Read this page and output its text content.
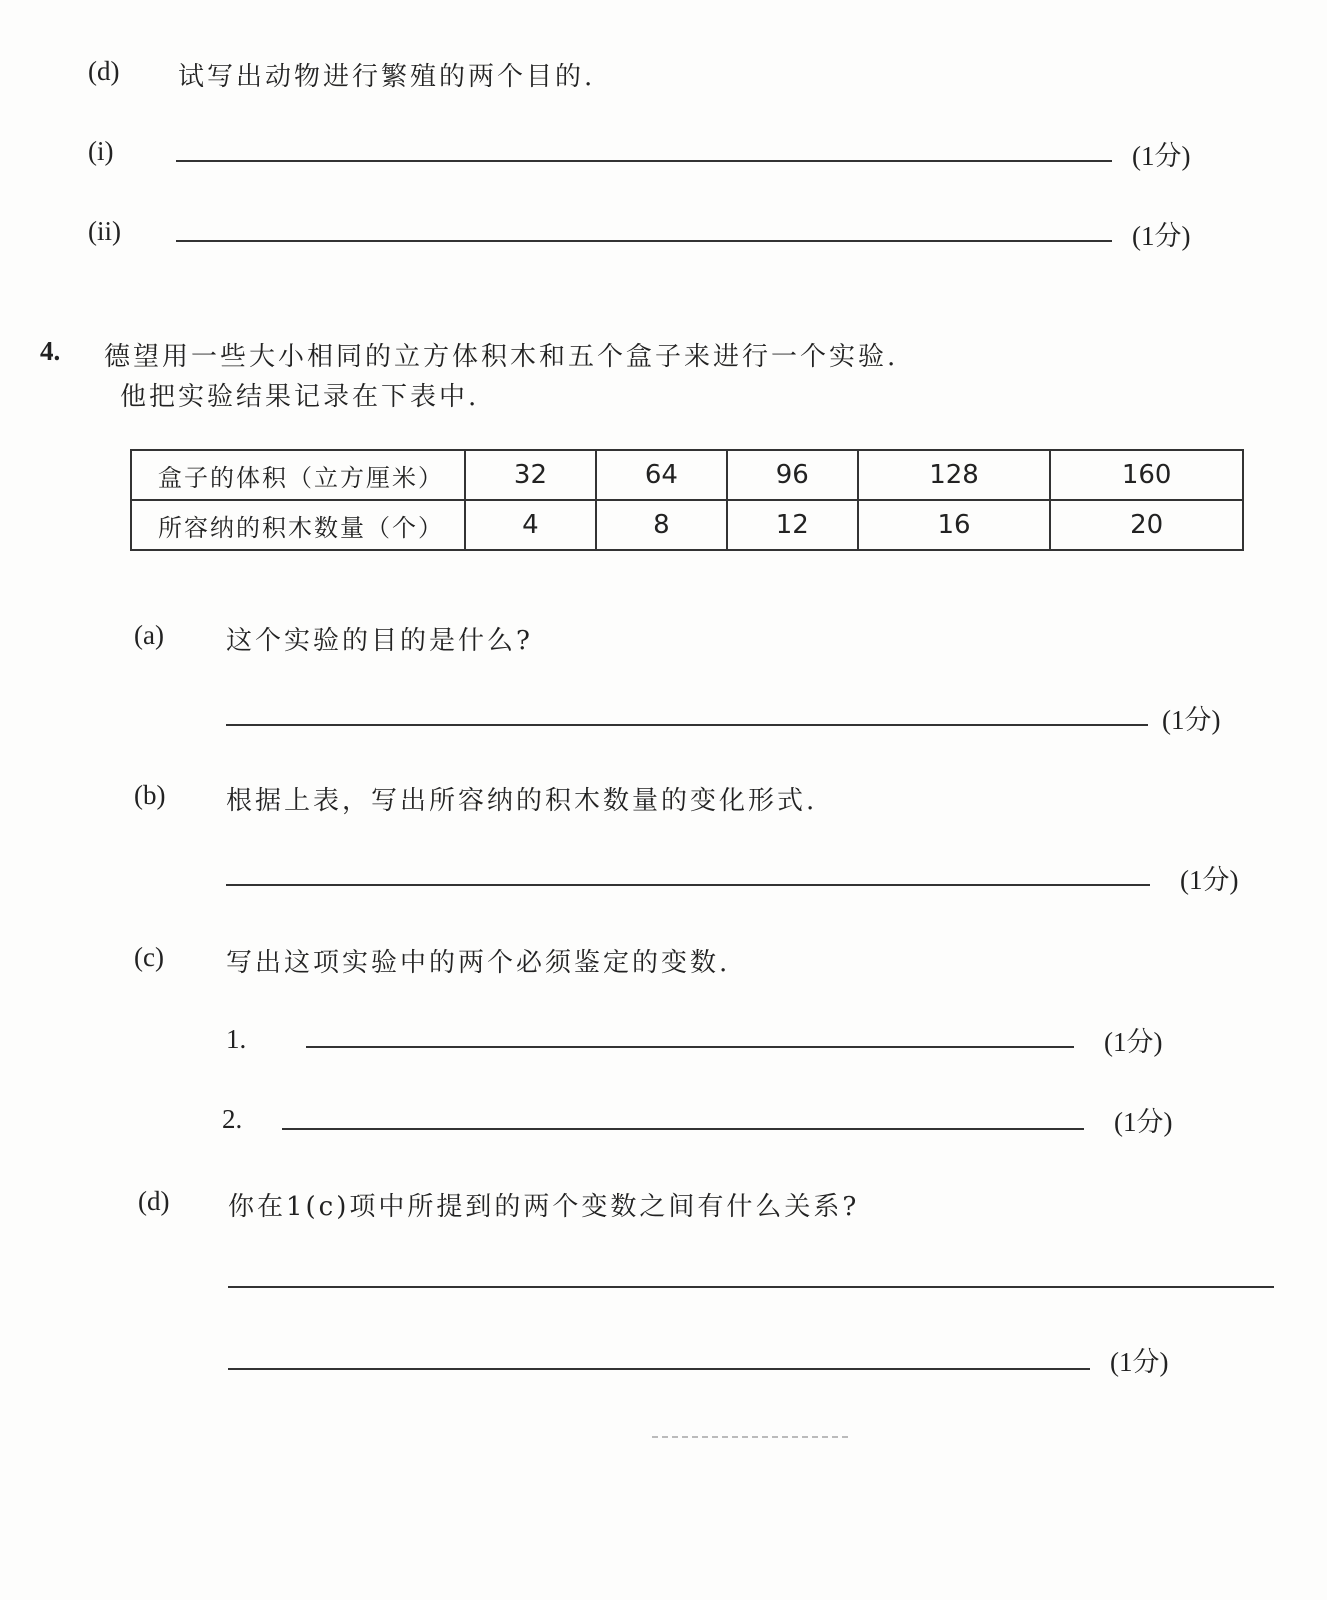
(d) 试写出动物进行繁殖的两个目的.
(i)	(1分)
(ii)	(1分)
4. 德望用一些大小相同的立方体积木和五个盒子来进行一个实验.
他把实验结果记录在下表中.
盒子的体积（立方厘米）	32	64	96	128	160
所容纳的积木数量（个）	4	8	12	16	20
(a) 这个实验的目的是什么?
(1分)
(b) 根据上表，写出所容纳的积木数量的变化形式.
(1分)
(c) 写出这项实验中的两个必须鉴定的变数.
1.	(1分)
2.	(1分)
(d) 你在1(c)项中所提到的两个变数之间有什么关系?
(1分)
